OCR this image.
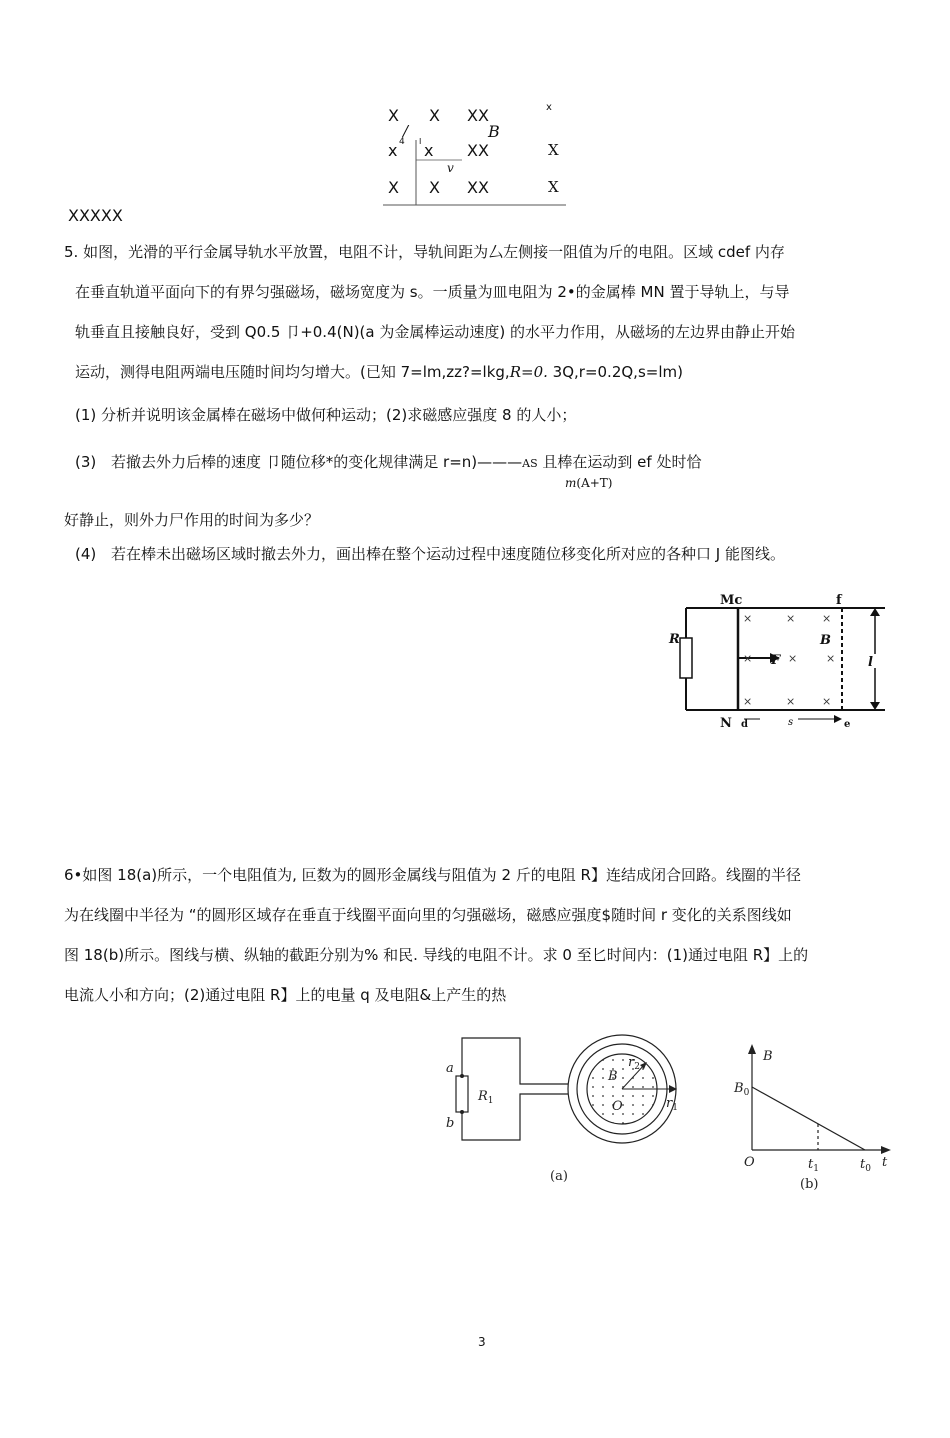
X X XX	x
/	B
x 4 I x XX	X
v
X X XX	X
XXXXX
5. 如图，光滑的平行金属导轨水平放置，电阻不计，导轨间距为厶左侧接一阻值为斤的电阻。区域 cdef 内存
在垂直轨道平面向下的有界匀强磁场，磁场宽度为 s。一质量为皿电阻为 2•的金属棒 MN 置于导轨上，与导
轨垂直且接触良好，受到 Q0.5 卩+0.4(N)(a 为金属棒运动速度) 的水平力作用，从磁场的左边界由静止开始
运动，测得电阻两端电压随时间均匀增大。(已知 7=lm,zz?=lkg,R=0. 3Q,r=0.2Q,s=lm)
(1) 分析并说明该金属棒在磁场中做何种运动；(2)求磁感应强度 8 的人小；
(3) 若撤去外力后棒的速度 卩随位移*的变化规律满足 r=n)———AS 且棒在运动到 ef 处时恰
m(A+T)
好静止，则外力尸作用的时间为多少？
(4) 若在棒未出磁场区域时撤去外力，画出棒在整个运动过程中速度随位移变化所对应的各种口 J 能图线。
×	× ×
×	×	×
×	× ×
Mc	f
R	B
F	l
N d	s	e
6•如图 18(a)所示，一个电阻值为, 叵数为的圆形金属线与阻值为 2 斤的电阻 R】连结成闭合回路。线圈的半径
为在线圈中半径为 “的圆形区域存在垂直于线圈平面向里的匀强磁场，磁感应强度$随时间 r 变化的关系图线如
图 18(b)所示。图线与横、纵轴的截距分别为% 和民. 导线的电阻不计。求 0 至匕时间内：(1)通过电阻 R】上的
电流人小和方向；(2)通过电阻 R】上的电量 q 及电阻&上产生的热
a
b
$R_1$
B
O
$r_2$
$r_1$
(a)
B
$B_0$
O	$t_1$	$t_0$ t
(b)
3
